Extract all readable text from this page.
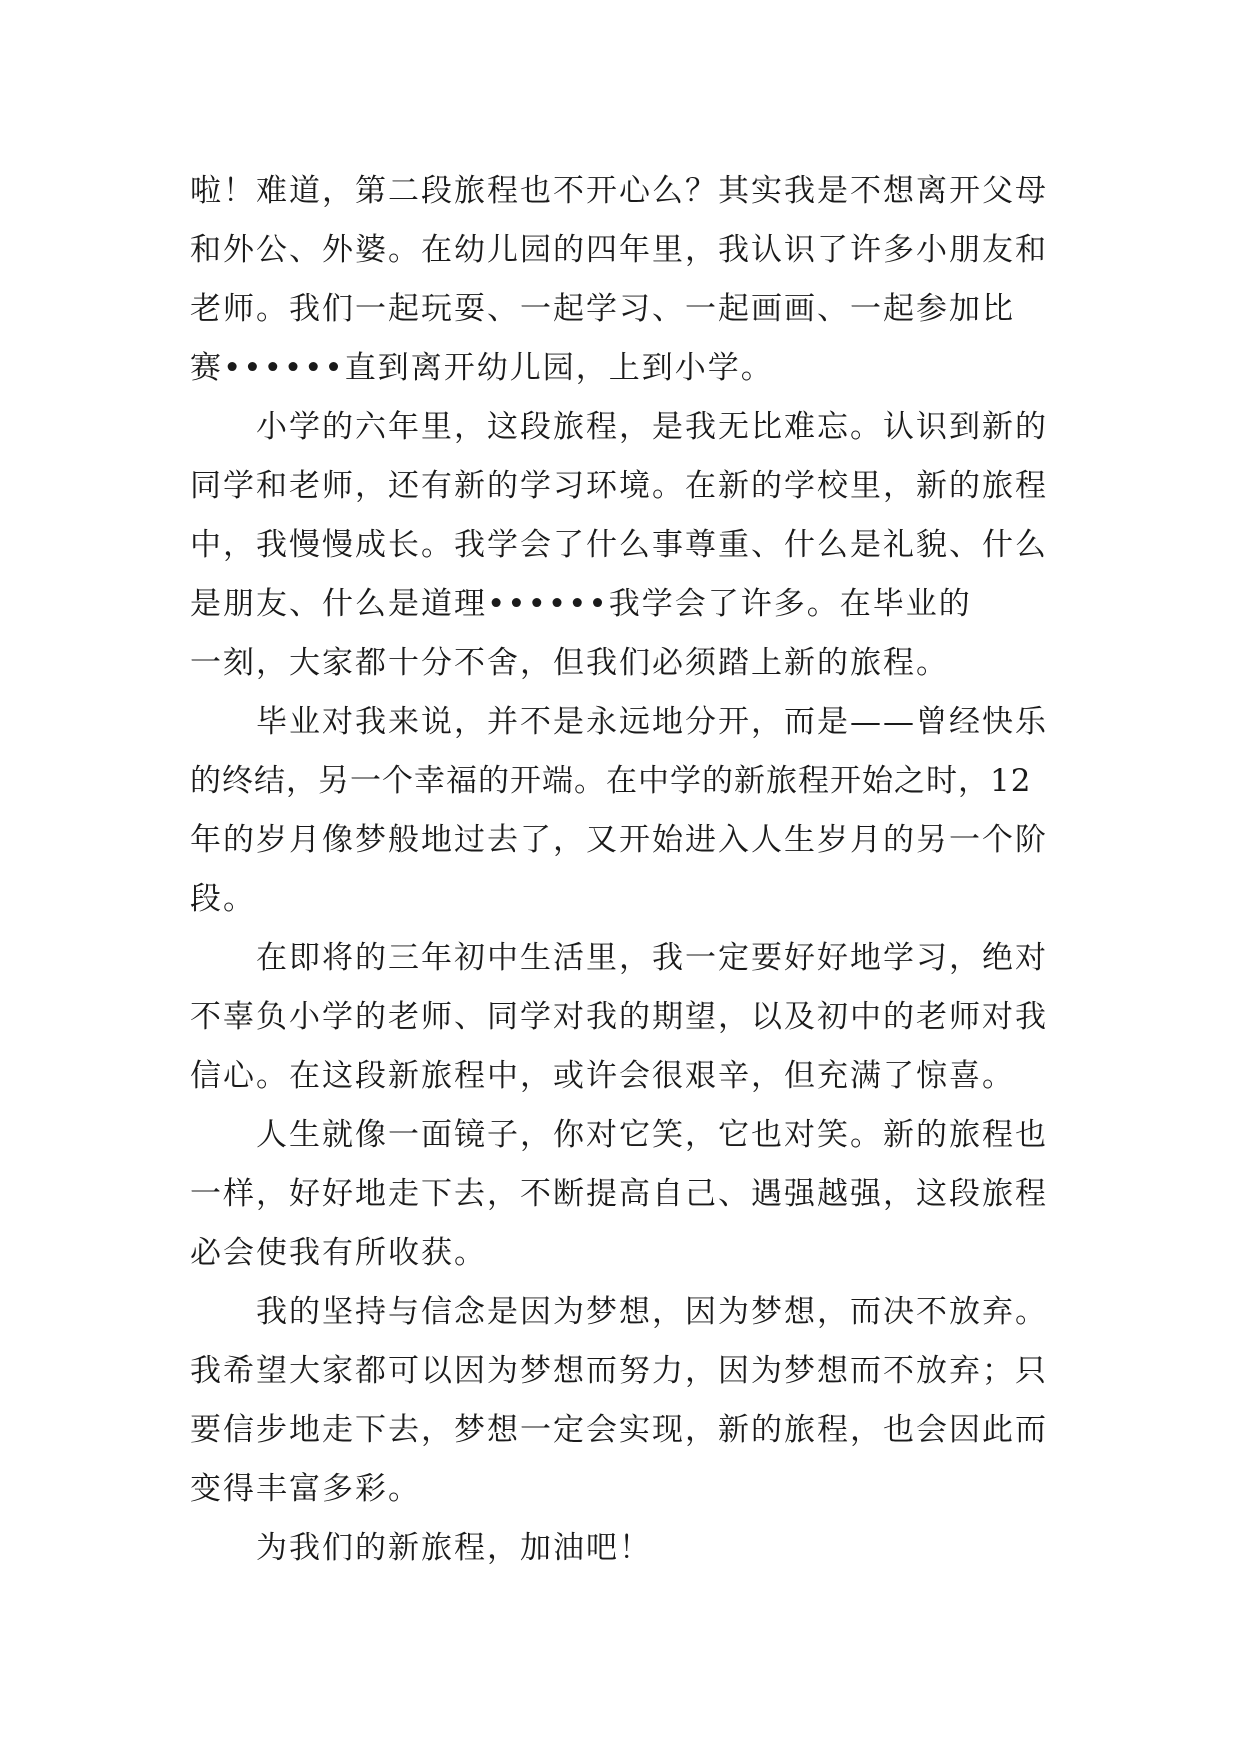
啦！难道，第二段旅程也不开心么？其实我是不想离开父母
和外公、外婆。在幼儿园的四年里，我认识了许多小朋友和
老师。我们一起玩耍、一起学习、一起画画、一起参加比
赛••••••直到离开幼儿园，上到小学。
小学的六年里，这段旅程，是我无比难忘。认识到新的
同学和老师，还有新的学习环境。在新的学校里，新的旅程
中，我慢慢成长。我学会了什么事尊重、什么是礼貌、什么
是朋友、什么是道理••••••我学会了许多。在毕业的
一刻，大家都十分不舍，但我们必须踏上新的旅程。
毕业对我来说，并不是永远地分开，而是——曾经快乐
的终结，另一个幸福的开端。在中学的新旅程开始之时，12
年的岁月像梦般地过去了，又开始进入人生岁月的另一个阶
段。
在即将的三年初中生活里，我一定要好好地学习，绝对
不辜负小学的老师、同学对我的期望，以及初中的老师对我
信心。在这段新旅程中，或许会很艰辛，但充满了惊喜。
人生就像一面镜子，你对它笑，它也对笑。新的旅程也
一样，好好地走下去，不断提高自己、遇强越强，这段旅程
必会使我有所收获。
我的坚持与信念是因为梦想，因为梦想，而决不放弃。
我希望大家都可以因为梦想而努力，因为梦想而不放弃；只
要信步地走下去，梦想一定会实现，新的旅程，也会因此而
变得丰富多彩。
为我们的新旅程，加油吧！
